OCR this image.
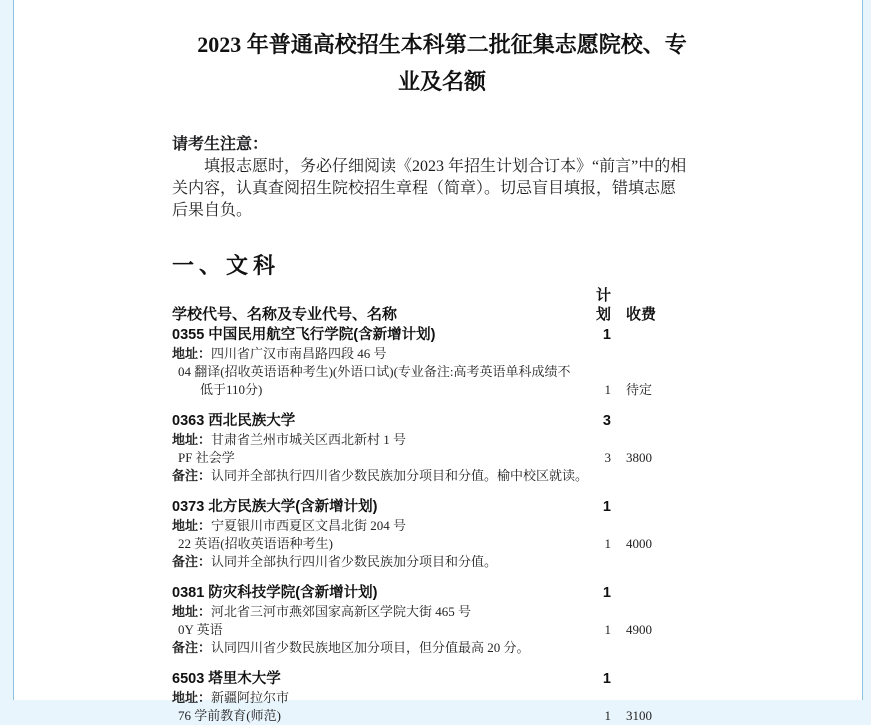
2023 年普通高校招生本科第二批征集志愿院校、专业及名额
请考生注意：
填报志愿时，务必仔细阅读《2023 年招生计划合订本》“前言”中的相关内容，认真查阅招生院校招生章程（简章）。切忌盲目填报，错填志愿后果自负。
一、文科
学校代号、名称及专业代号、名称
计划	收费
0355 中国民用航空飞行学院(含新增计划)	1
地址：四川省广汉市南昌路四段 46 号
04 翻译(招收英语语种考生)(外语口试)(专业备注:高考英语单科成绩不低于110分)	1	待定
0363 西北民族大学	3
地址：甘肃省兰州市城关区西北新村 1 号
PF 社会学	3	3800
备注：认同并全部执行四川省少数民族加分项目和分值。榆中校区就读。
0373 北方民族大学(含新增计划)	1
地址：宁夏银川市西夏区文昌北街 204 号
22 英语(招收英语语种考生)	1	4000
备注：认同并全部执行四川省少数民族加分项目和分值。
0381 防灾科技学院(含新增计划)	1
地址：河北省三河市燕郊国家高新区学院大街 465 号
0Y 英语	1	4900
备注：认同四川省少数民族地区加分项目，但分值最高 20 分。
6503 塔里木大学	1
地址：新疆阿拉尔市
76 学前教育(师范)	1	3100
